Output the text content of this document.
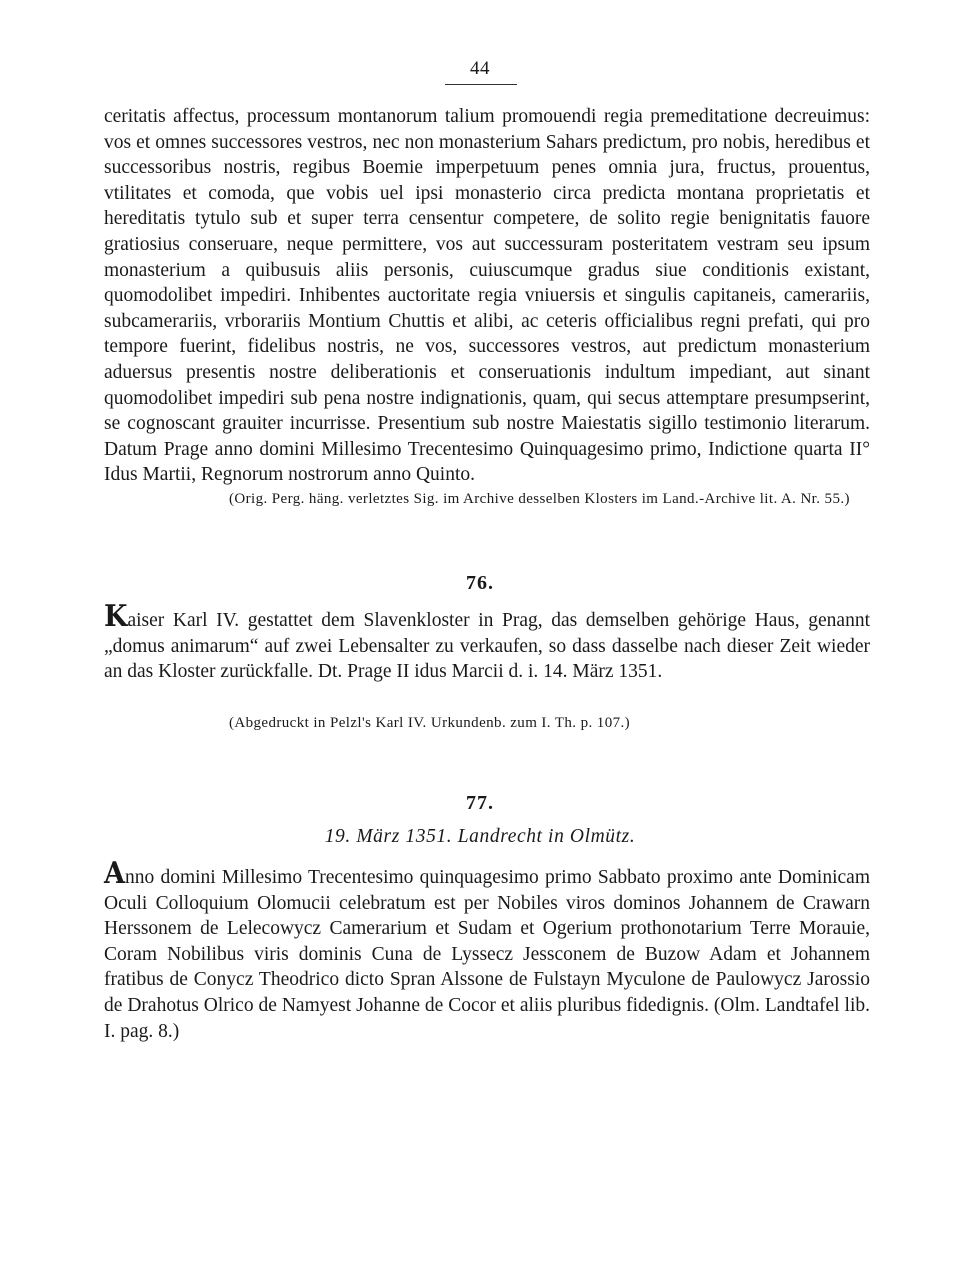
44

ceritatis affectus, processum montanorum talium promouendi regia premeditatione decreuimus: vos et omnes successores vestros, nec non monasterium Sahars predictum, pro nobis, heredibus et successoribus nostris, regibus Boemie imperpetuum penes omnia jura, fructus, prouentus, vtilitates et comoda, que vobis uel ipsi monasterio circa predicta montana proprietatis et hereditatis tytulo sub et super terra censentur competere, de solito regie benignitatis fauore gratiosius conseruare, neque permittere, vos aut successuram posteritatem vestram seu ipsum monasterium a quibusuis aliis personis, cuiuscumque gradus siue conditionis existant, quomodolibet impediri. Inhibentes auctoritate regia vniuersis et singulis capitaneis, camerariis, subcamerariis, vrborariis Montium Chuttis et alibi, ac ceteris officialibus regni prefati, qui pro tempore fuerint, fidelibus nostris, ne vos, successores vestros, aut predictum monasterium aduersus presentis nostre deliberationis et conseruationis indultum impediant, aut sinant quomodolibet impediri sub pena nostre indignationis, quam, qui secus attemptare presumpserint, se cognoscant grauiter incurrisse. Presentium sub nostre Maiestatis sigillo testimonio literarum. Datum Prage anno domini Millesimo Trecentesimo Quinquagesimo primo, Indictione quarta II° Idus Martii, Regnorum nostrorum anno Quinto.

(Orig. Perg. häng. verletztes Sig. im Archive desselben Klosters im Land.-Archive lit. A. Nr. 55.)

76.

Kaiser Karl IV. gestattet dem Slavenkloster in Prag, das demselben gehörige Haus, genannt „domus animarum“ auf zwei Lebensalter zu verkaufen, so dass dasselbe nach dieser Zeit wieder an das Kloster zurückfalle. Dt. Prage II idus Marcii d. i. 14. März 1351.

(Abgedruckt in Pelzl's Karl IV. Urkundenb. zum I. Th. p. 107.)

77.
19. März 1351. Landrecht in Olmütz.

Anno domini Millesimo Trecentesimo quinquagesimo primo Sabbato proximo ante Dominicam Oculi Colloquium Olomucii celebratum est per Nobiles viros dominos Johannem de Crawarn Herssonem de Lelecowycz Camerarium et Sudam et Ogerium prothonotarium Terre Morauie, Coram Nobilibus viris dominis Cuna de Lyssecz Jessconem de Buzow Adam et Johannem fratibus de Conycz Theodrico dicto Spran Alssone de Fulstayn Myculone de Paulowycz Jarossio de Drahotus Olrico de Namyest Johanne de Cocor et aliis pluribus fidedignis. (Olm. Landtafel lib. I. pag. 8.)
